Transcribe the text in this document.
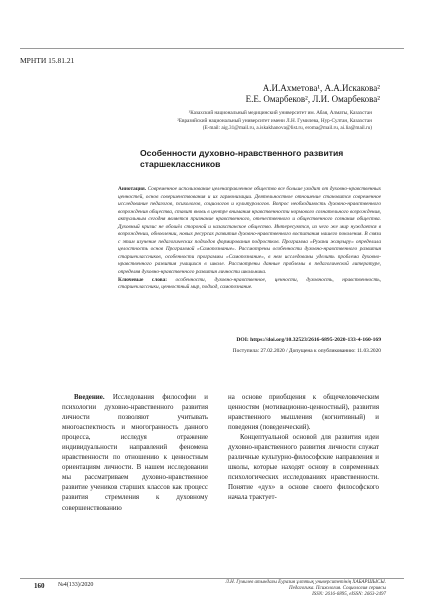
МРНТИ 15.81.21
А.И.Ахметова¹, А.А.Искакова²
Е.Е. Омарбеков², Л.И. Омарбекова²
¹Казахский национальный медицинский университет им. Абая, Алматы, Казахстан
²Евразийский национальный университет имени Л.Н. Гумилева, Нур-Султан, Казахстан
(E-mail: aig.31@mail.ru, a.iskakhanova@list.ru, eroma@mail.ru, ai.lia@mail.ru)
Особенности духовно-нравственного развития старшеклассников

Аннотация. Современное использование целенаправленное общество все больше уходит от духовно-нравственных ценностей, основ совершенствования и их гармонизации. Деятельностное отношение становится современное исследование педагогов, психологов, социологов и культурологов. Вопрос необходимость духовно-нравственного возрождения общества, ставит вновь в центре внимания нравственности нормового сознательного возрождения, актуальным сегодня является признание нравственного, отечественного и общественного сознания общества. Духовный кризис не обошёл стороной и казахстанское общество. Интересуются, из чего же мир нуждается в возрождении, обновлении, новых ресурсах развития духовно-нравственного воспитания нашего поколения. В связи с этим изучение педагогических подходов формирования подростков. Программа «Рухани жаңғыру» определила целостность основ Программой «Самопознание». Рассмотрены особенности духовно-нравственного развития старшеклассников, особенности программы «Самопознание», в нем исследованы уделить проблема духовно-нравственного развития учащихся в школе. Рассмотрены данные проблемы в педагогической литературе, определяя духовно-нравственного развития личности школьника.

Ключевые слова: особенности, духовно-нравственное, ценности, духовность, нравственность, старшеклассники, ценностный мир, подход, самопознание.

DOI: https://doi.org/10.32523/2616-6895-2020-133-4-160-169
Поступила: 27.02.2020 / Допущена к опубликованию: 11.03.2020

Введение. Исследования философии и психологии духовно-нравственного развития личности позволяют учитывать многоаспектность и многогранность данного процесса, исследуя отражение индивидуальности направлений феномена нравственности по отношению к ценностным ориентациям личности. В нашем исследовании мы рассматриваем духовно-нравственное развитие учеников старших классов как процесс развития стремления к духовному совершенствованию

на основе приобщения к общечеловеческим ценностям (мотивационно-ценностный), развития нравственного мышления (когнитивный) и поведения (поведенческий).

Концептуальной основой для развития идеи духовно-нравственного развития личности служат различные культурно-философские направления и школы, которые находят основу в современных психологических исследованиях нравственности. Понятие «дух» в основе своего философского начала трактует-

160 №4(133)/2020	Л.Н. Гумилев атындағы Еуразия ұлттық университетінің ХАБАРШЫСЫ.
Педагогика. Психология. Социология сериясы
ISSN: 2616-6895, eISSN: 2663-2497
